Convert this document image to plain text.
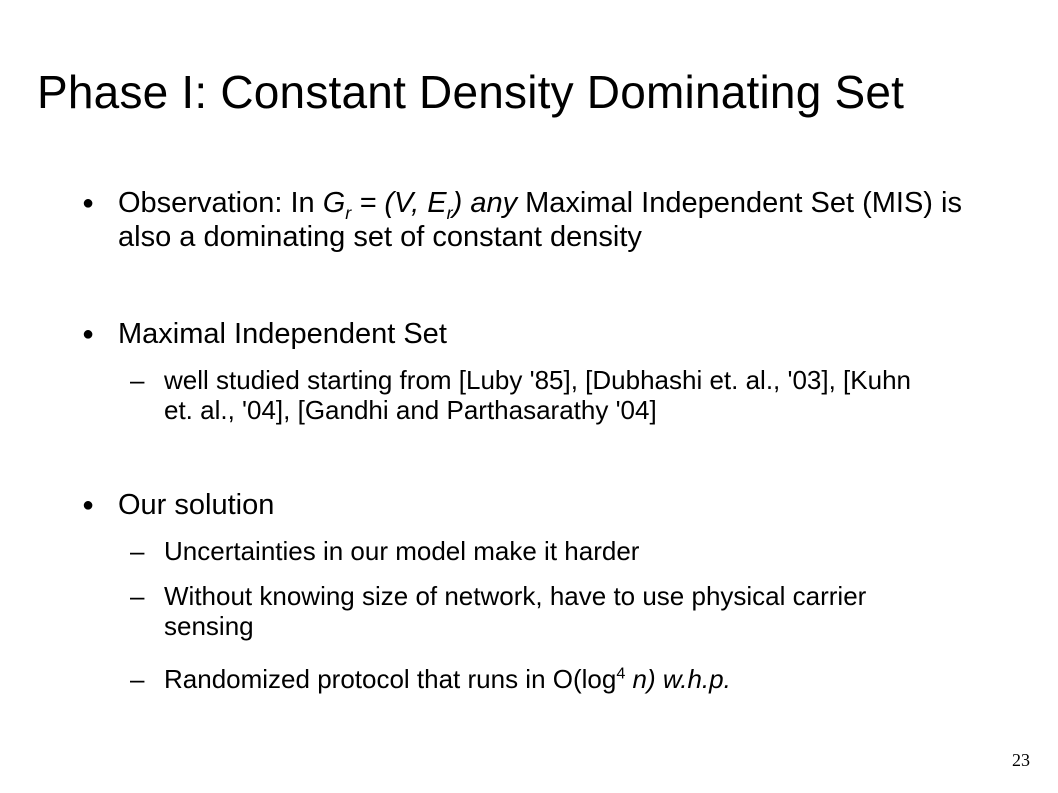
Phase I: Constant Density Dominating Set
● Observation: In $G_r = (V$, $E_r$) any Maximal Independent Set (MIS) is also a dominating set of constant density
● Maximal Independent Set
– well studied starting from [Luby '85], [Dubhashi et. al., '03], [Kuhn et. al., '04], [Gandhi and Parthasarathy '04]
● Our solution
– Uncertainties in our model make it harder
– Without knowing size of network, have to use physical carrier sensing
– Randomized protocol that runs in $O(\log^4$ n) w.h.p.
23
